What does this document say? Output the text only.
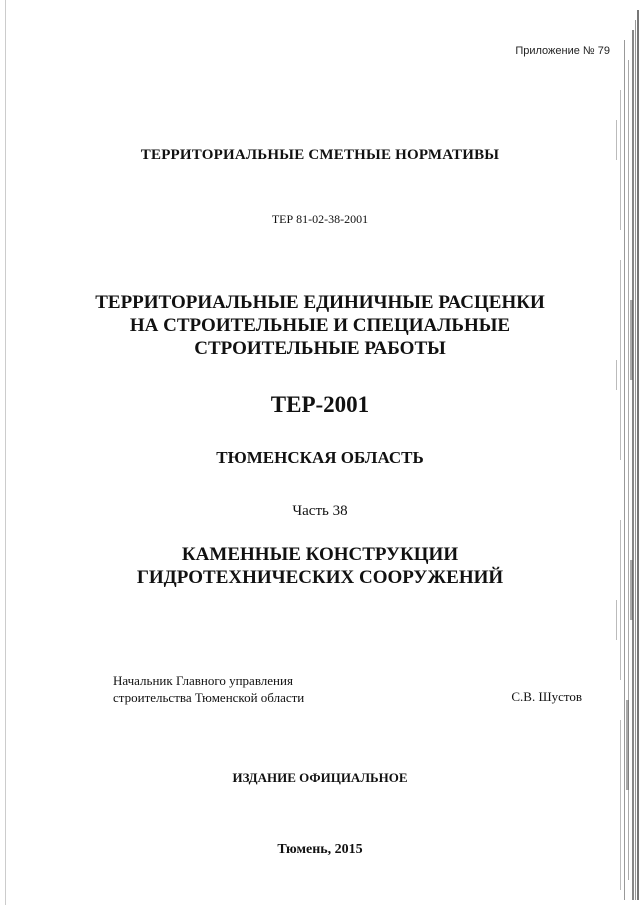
Приложение № 79
ТЕРРИТОРИАЛЬНЫЕ СМЕТНЫЕ НОРМАТИВЫ
ТЕР 81-02-38-2001
ТЕРРИТОРИАЛЬНЫЕ ЕДИНИЧНЫЕ РАСЦЕНКИ
НА СТРОИТЕЛЬНЫЕ И СПЕЦИАЛЬНЫЕ
СТРОИТЕЛЬНЫЕ РАБОТЫ
ТЕР-2001
ТЮМЕНСКАЯ ОБЛАСТЬ
Часть 38
КАМЕННЫЕ КОНСТРУКЦИИ
ГИДРОТЕХНИЧЕСКИХ СООРУЖЕНИЙ
Начальник Главного управления
строительства Тюменской области	С.В. Шустов
ИЗДАНИЕ ОФИЦИАЛЬНОЕ
Тюмень, 2015
